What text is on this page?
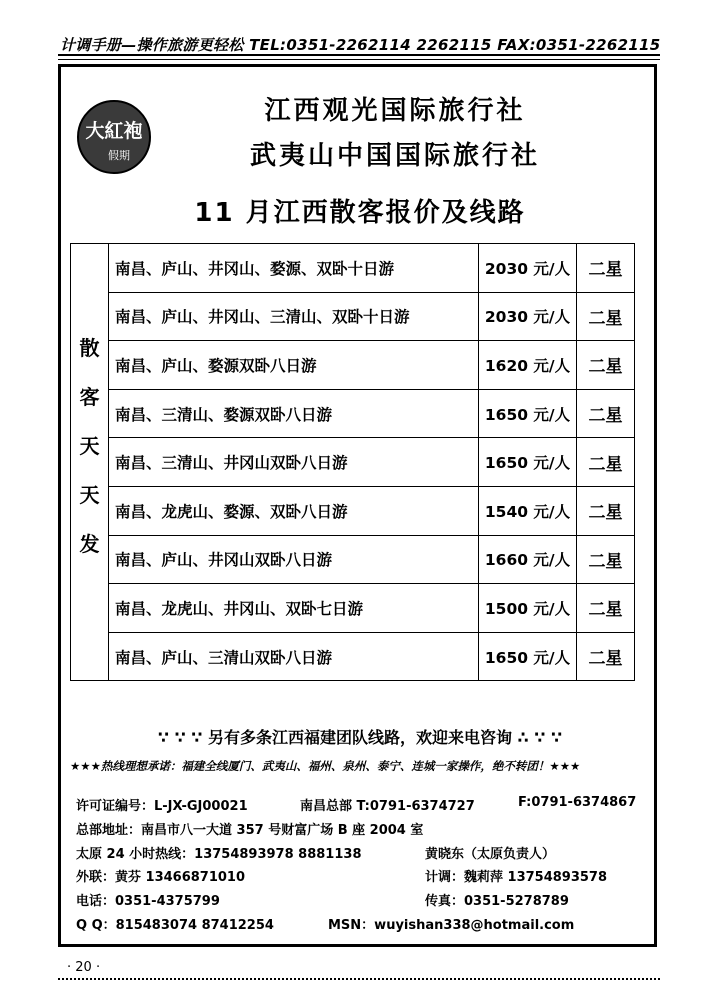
计调手册—操作旅游更轻松 TEL:0351-2262114 2262115 FAX:0351-2262115
大紅袍
假期
江西观光国际旅行社
武夷山中国国际旅行社
11 月江西散客报价及线路
散
客
天
天
发	南昌、庐山、井冈山、婺源、双卧十日游	2030 元/人	二星
	南昌、庐山、井冈山、三清山、双卧十日游	2030 元/人	二星
	南昌、庐山、婺源双卧八日游	1620 元/人	二星
	南昌、三清山、婺源双卧八日游	1650 元/人	二星
	南昌、三清山、井冈山双卧八日游	1650 元/人	二星
	南昌、龙虎山、婺源、双卧八日游	1540 元/人	二星
	南昌、庐山、井冈山双卧八日游	1660 元/人	二星
	南昌、龙虎山、井冈山、双卧七日游	1500 元/人	二星
	南昌、庐山、三清山双卧八日游	1650 元/人	二星
∵ ∵ ∵ 另有多条江西福建团队线路，欢迎来电咨询 ∴ ∵ ∵
★★★热线理想承诺：福建全线厦门、武夷山、福州、泉州、泰宁、连城一家操作，绝不转团！★★★
许可证编号：L-JX-GJ00021	南昌总部 T:0791-6374727	F:0791-6374867
总部地址：南昌市八一大道 357 号财富广场 B 座 2004 室
太原 24 小时热线：13754893978 8881138	黄晓东（太原负责人）
外联：黄芬 13466871010	计调：魏莉萍 13754893578
电话：0351-4375799	传真：0351-5278789
Q Q：815483074 87412254	MSN：wuyishan338@hotmail.com
· 20 ·
